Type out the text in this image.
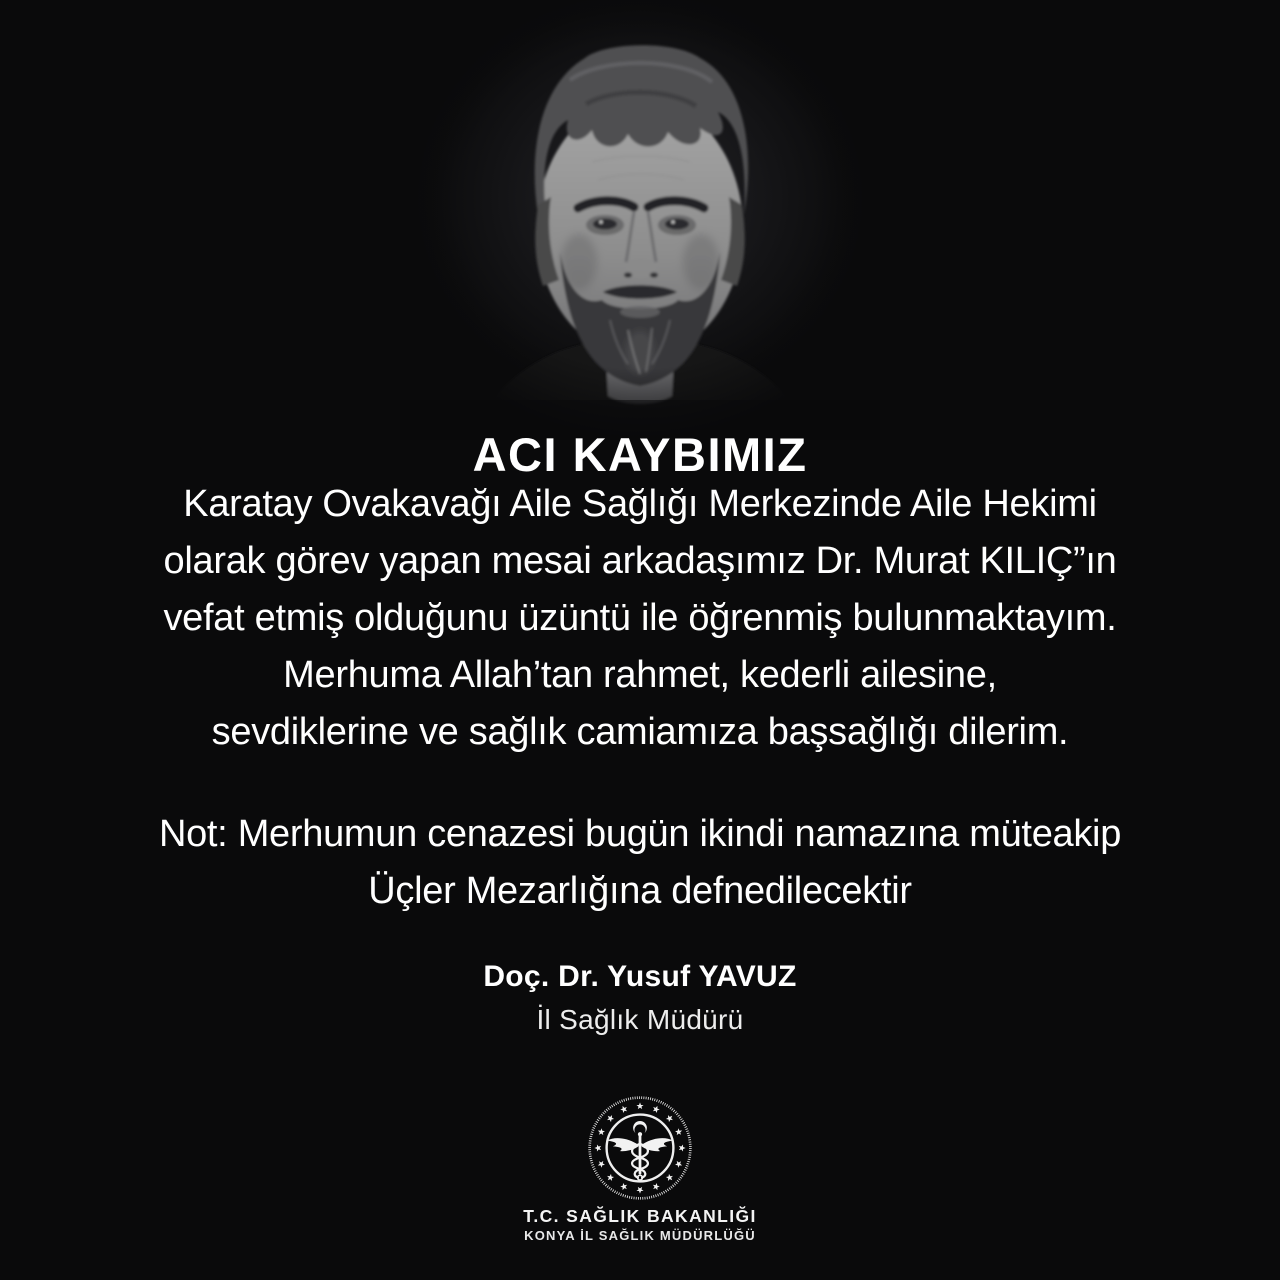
ACI KAYBIMIZ
Karatay Ovakavağı Aile Sağlığı Merkezinde Aile Hekimi
olarak görev yapan mesai arkadaşımız Dr. Murat KILIÇ”ın
vefat etmiş olduğunu üzüntü ile öğrenmiş bulunmaktayım.
Merhuma Allah’tan rahmet, kederli ailesine,
sevdiklerine ve sağlık camiamıza başsağlığı dilerim.
Not: Merhumun cenazesi bugün ikindi namazına müteakip
Üçler Mezarlığına defnedilecektir
Doç. Dr. Yusuf YAVUZ
İl Sağlık Müdürü
T.C. SAĞLIK BAKANLIĞI
KONYA İL SAĞLIK MÜDÜRLÜĞÜ
